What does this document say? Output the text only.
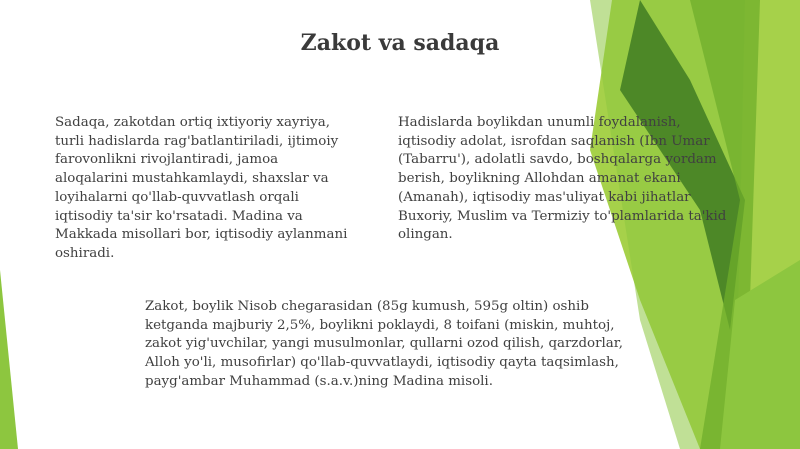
Zakot va sadaqa

Sadaqa, zakotdan ortiq ixtiyoriy xayriya,
turli hadislarda rag'batlantiriladi, ijtimoiy
farovonlikni rivojlantiradi, jamoa
aloqalarini mustahkamlaydi, shaxslar va
loyihalarni qo'llab-quvvatlash orqali
iqtisodiy ta'sir ko'rsatadi. Madina va
Makkada misollari bor, iqtisodiy aylanmani
oshiradi.

Hadislarda boylikdan unumli foydalanish,
iqtisodiy adolat, isrofdan saqlanish (Ibn Umar
(Tabarru'), adolatli savdo, boshqalarga yordam
berish, boylikning Allohdan amanat ekani
(Amanah), iqtisodiy mas'uliyat kabi jihatlar
Buxoriy, Muslim va Termiziy to'plamlarida ta'kid
olingan.

Zakot, boylik Nisob chegarasidan (85g kumush, 595g oltin) oshib
ketganda majburiy 2,5%, boylikni poklaydi, 8 toifani (miskin, muhtoj,
zakot yig'uvchilar, yangi musulmonlar, qullarni ozod qilish, qarzdorlar,
Alloh yo'li, musofirlar) qo'llab-quvvatlaydi, iqtisodiy qayta taqsimlash,
payg'ambar Muhammad (s.a.v.)ning Madina misoli.
